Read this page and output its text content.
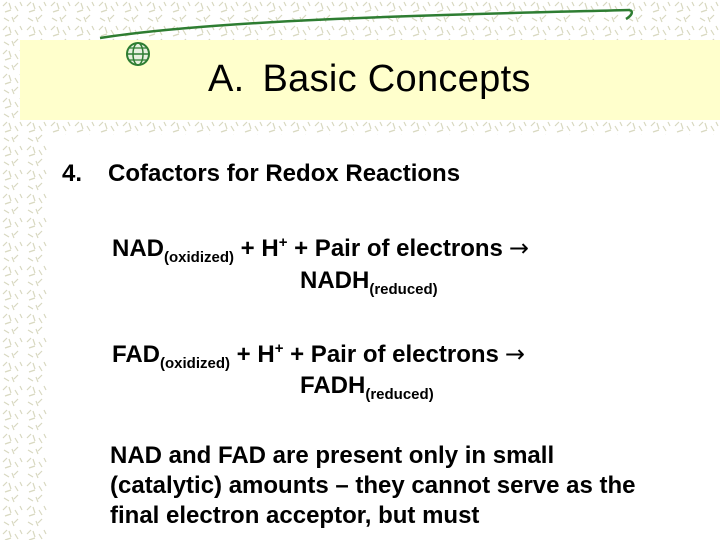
A. Basic Concepts
4. Cofactors for Redox Reactions
$NAD_{(oxidized)} + H^+$ + Pair of electrons →
$NADH_{(reduced)}$
$FAD_{(oxidized)} + H^+$ + Pair of electrons →
$FADH_{(reduced)}$

NAD and FAD are present only in small (catalytic) amounts – they cannot serve as the final electron acceptor, but must
